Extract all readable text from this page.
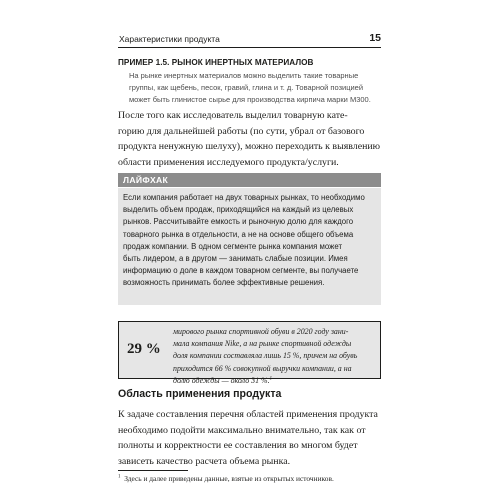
Характеристики продукта	15
ПРИМЕР 1.5. РЫНОК ИНЕРТНЫХ МАТЕРИАЛОВ
На рынке инертных материалов можно выделить такие товарные
группы, как щебень, песок, гравий, глина и т. д. Товарной позицией
может быть глинистое сырье для производства кирпича марки М300.
После того как исследователь выделил товарную кате-
горию для дальнейшей работы (по сути, убрал от базового
продукта ненужную шелуху), можно переходить к выявлению
области применения исследуемого продукта/услуги.
ЛАЙФХАК
Если компания работает на двух товарных рынках, то необходимо
выделить объем продаж, приходящийся на каждый из целевых
рынков. Рассчитывайте емкость и рыночную долю для каждого
товарного рынка в отдельности, а не на основе общего объема
продаж компании. В одном сегменте рынка компания может
быть лидером, а в другом — занимать слабые позиции. Имея
информацию о доле в каждом товарном сегменте, вы получаете
возможность принимать более эффективные решения.
29 %
мирового рынка спортивной обуви в 2020 году зани-
мала компания Nike, а на рынке спортивной одежды
доля компании составляла лишь 15 %, причем на обувь
приходится 66 % совокупной выручки компании, а на
долю одежды — около 31 %.$^1$
Область применения продукта
К задаче составления перечня областей применения продукта
необходимо подойти максимально внимательно, так как от
полноты и корректности ее составления во многом будет
зависеть качество расчета объема рынка.
$^1$ Здесь и далее приведены данные, взятые из открытых источников.
